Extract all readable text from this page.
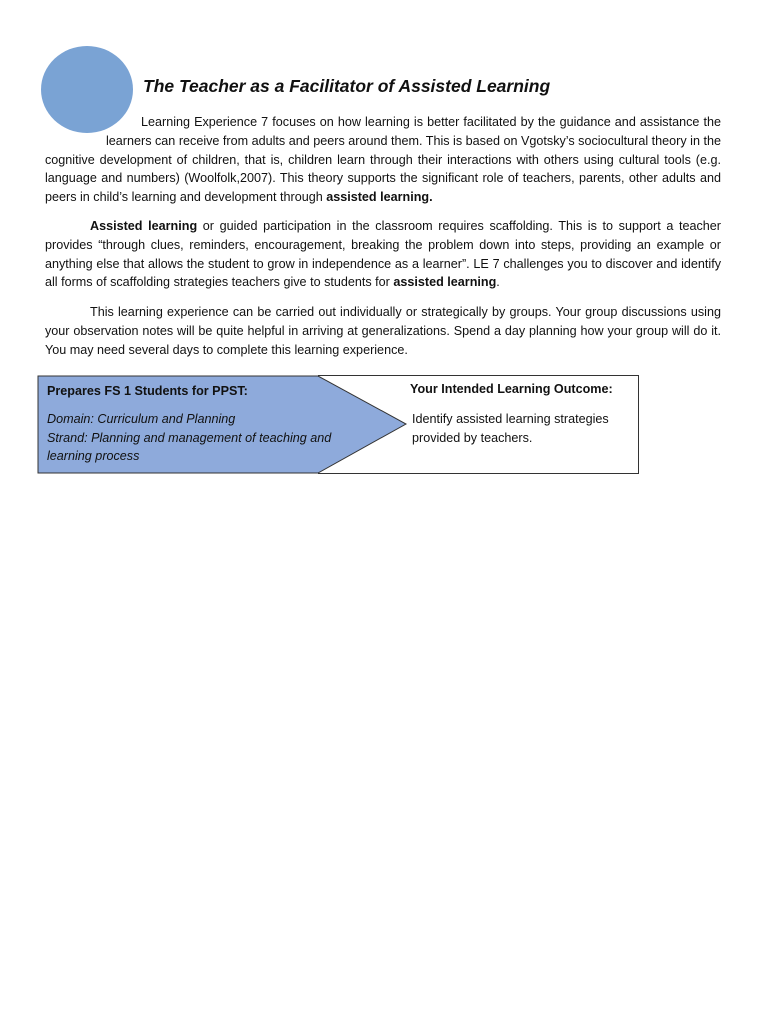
The Teacher as a Facilitator of Assisted Learning

Learning Experience 7 focuses on how learning is better facilitated by the guidance and assistance the
learners can receive from adults and peers around them. This is based on Vgotsky’s sociocultural theory in the
cognitive development of children, that is, children learn through their interactions with others using cultural tools (e.g. language and numbers) (Woolfolk,2007). This theory supports the significant role of teachers, parents, other adults and peers in child’s learning and development through assisted learning.

Assisted learning or guided participation in the classroom requires scaffolding. This is to support a teacher provides “through clues, reminders, encouragement, breaking the problem down into steps, providing an example or anything else that allows the student to grow in independence as a learner”. LE 7 challenges you to discover and identify all forms of scaffolding strategies teachers give to students for assisted learning.

This learning experience can be carried out individually or strategically by groups. Your group discussions using your observation notes will be quite helpful in arriving at generalizations. Spend a day planning how your group will do it. You may need several days to complete this learning experience.

Prepares FS 1 Students for PPST:

Domain: Curriculum and Planning
Strand: Planning and management of teaching and
learning process

Your Intended Learning Outcome:

Identify assisted learning strategies provided by teachers.
